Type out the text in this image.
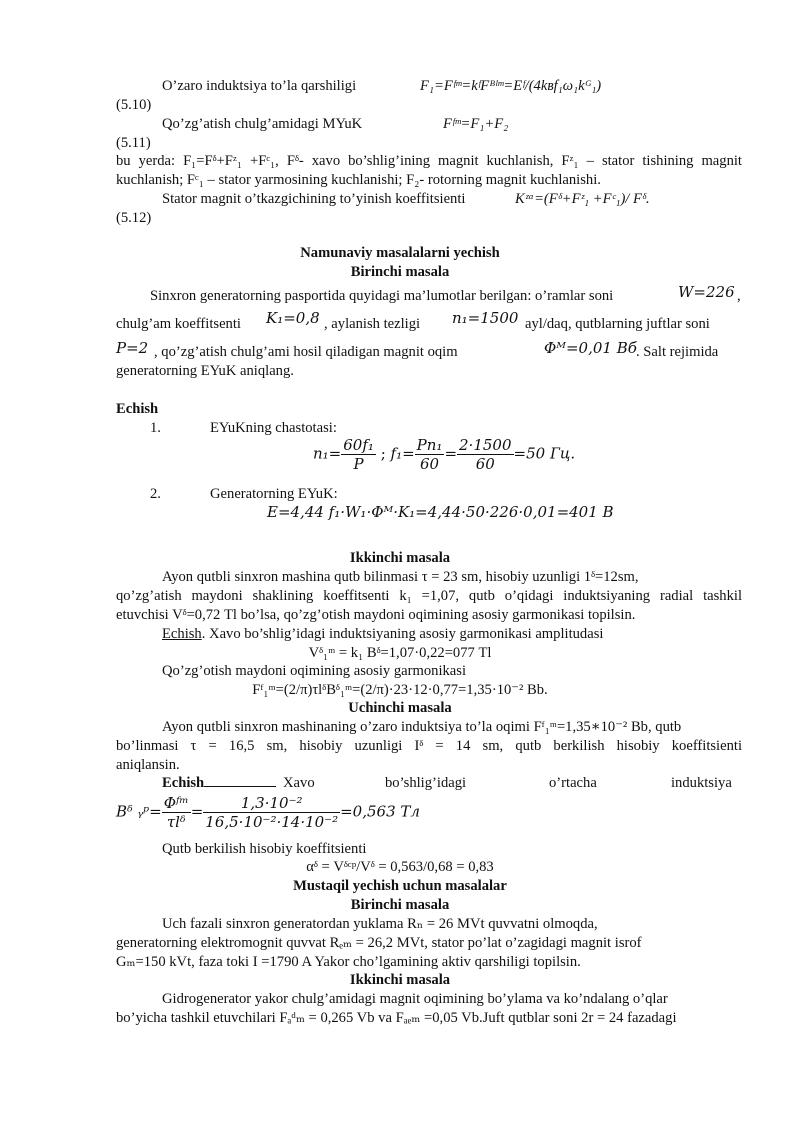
O’zaro induktsiya to’la qarshiligi	F₁=Fᶠᵐ=kᶠFᴮˡᵐ=Eᶠ/(4kʙf₁ω₁kᴳ₁)
(5.10)
Qo’zg’atish chulg’amidagi MYuK	Fᶠᵐ=F₁+F₂
(5.11)
bu yerda: F₁=Fᵟ+Fᶻ₁ +Fᶜ₁, Fᵟ- xavo bo’shlig’ining magnit kuchlanish, Fᶻ₁ – stator tishining magnit
kuchlanish; Fᶜ₁ – stator yarmosining kuchlanishi; F₂- rotorning magnit kuchlanishi.
Stator magnit o’tkazgichining to’yinish koeffitsienti	Kᶻᵅ=(Fᵟ+Fᶻ₁ +Fᶜ₁)/ Fᵟ.
(5.12)
Namunaviy masalalarni yechish
Birinchi masala
Sinxron generatorning pasportida quyidagi ma’lumotlar berilgan: o’ramlar soni	W=226 ,
chulg’am koeffitsenti K₁=0,8 , aylanish tezligi n₁=1500 ayl/daq, qutblarning juftlar soni
P=2 , qo’zg’atish chulg’ami hosil qiladigan magnit oqim	Φᴹ=0,01 Вб . Salt rejimida
generatorning EYuK aniqlang.
Echish
1.	EYuKning chastotasi:
$n_1= \frac{\text{60f₁}}{P}$ ; $f_1= \frac{\text{Pn₁}}{60} = \frac{2\cdot 1500}{60} =50$ Гц.
2.	Generatorning EYuK:
E=4,44 f₁·W₁·Φᴹ·K₁=4,44·50·226·0,01=401 В
Ikkinchi masala
Ayon qutbli sinxron mashina qutb bilinmasi τ = 23 sm, hisobiy uzunligi 1ᵟ=12sm,
qo’zg’atish maydoni shaklining koeffitsenti k₁ =1,07, qutb o’qidagi induktsiyaning radial tashkil
etuvchisi Vᵟ=0,72 Tl bo’lsa, qo’zg’otish maydoni oqimining asosiy garmonikasi topilsin.
Echish. Xavo bo’shlig’idagi induktsiyaning asosiy garmonikasi amplitudasi
Vᵟ₁ᵐ = k₁ Bᵟ=1,07·0,22=077 Tl
Qo’zg’otish maydoni oqimining asosiy garmonikasi
Fᶠ₁ᵐ=(2/π)τlᵟBᵟ₁ᵐ=(2/π)·23·12·0,77=1,35·10⁻² Bb.
Uchinchi masala
Ayon qutbli sinxron mashinaning o’zaro induktsiya to’la oqimi Fᶠ₁ᵐ=1,35∗10⁻² Bb, qutb
bo’linmasi τ = 16,5 sm, hisobiy uzunligi Iᵟ = 14 sm, qutb berkilish hisobiy koeffitsienti
aniqlansin.
Echish	Xavo	bo’shlig’idagi	o’rtacha	induktsiya
Bᵟ ᵧᵖ= $\frac{\text{Φᶠᵐ}}{\text{τlᵟ}} = \frac{\text{1,3·10⁻²}}{\text{16,5·10⁻²·14·10⁻²}} =0,563$ Тл
Qutb berkilish hisobiy koeffitsienti
αᵟ = Vᵟᶜᵖ/Vᵟ = 0,563/0,68 = 0,83
Mustaqil yechish uchun masalalar
Birinchi masala
Uch fazali sinxron generatordan yuklama Rₙ = 26 MVt quvvatni olmoqda,
generatorning elektromognit quvvat Rₑₘ = 26,2 MVt, stator po’lat o’zagidagi magnit isrof
Gₘ=150 kVt, faza toki I =1790 A Yakor cho’lgamining aktiv qarshiligi topilsin.
Ikkinchi masala
Gidrogenerator yakor chulg’amidagi magnit oqimining bo’ylama va ko’ndalang o’qlar
bo’yicha tashkil etuvchilari Fₐᵈₘ = 0,265 Vb va Fₐₑₘ =0,05 Vb.Juft qutblar soni 2r = 24 fazadagi
